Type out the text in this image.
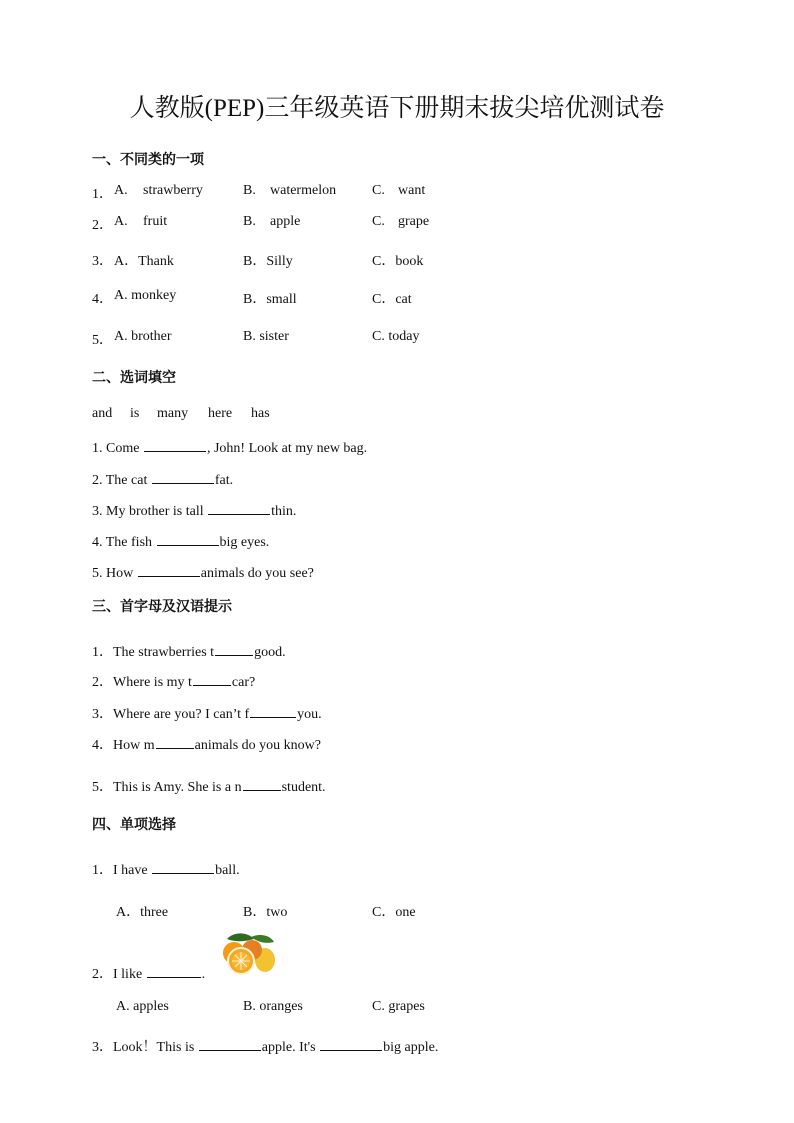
人教版(PEP)三年级英语下册期末拔尖培优测试卷
一、不同类的一项
1． A. strawberry	B. watermelon	C. want
2． A. fruit	B. apple	C. grape
3． A．Thank	B．Silly	C．book
4． A. monkey	B．small	C．cat
5． A. brother	B. sister	C. today
二、选词填空
and is many here has
1. Come	, John! Look at my new bag.
2. The cat	fat.
3. My brother is tall	thin.
4. The fish	big eyes.
5. How	animals do you see?
三、首字母及汉语提示
1．The strawberries t	good.
2．Where is my t	car?
3．Where are you? I can’t f	you.
4．How m	animals do you know?
5．This is Amy. She is a n	student.
四、单项选择
1．I have	ball.
A．three	B．two	C．one
2．I like	.
A. apples	B. oranges	C. grapes
3．Look！This is	apple. It's	big apple.
